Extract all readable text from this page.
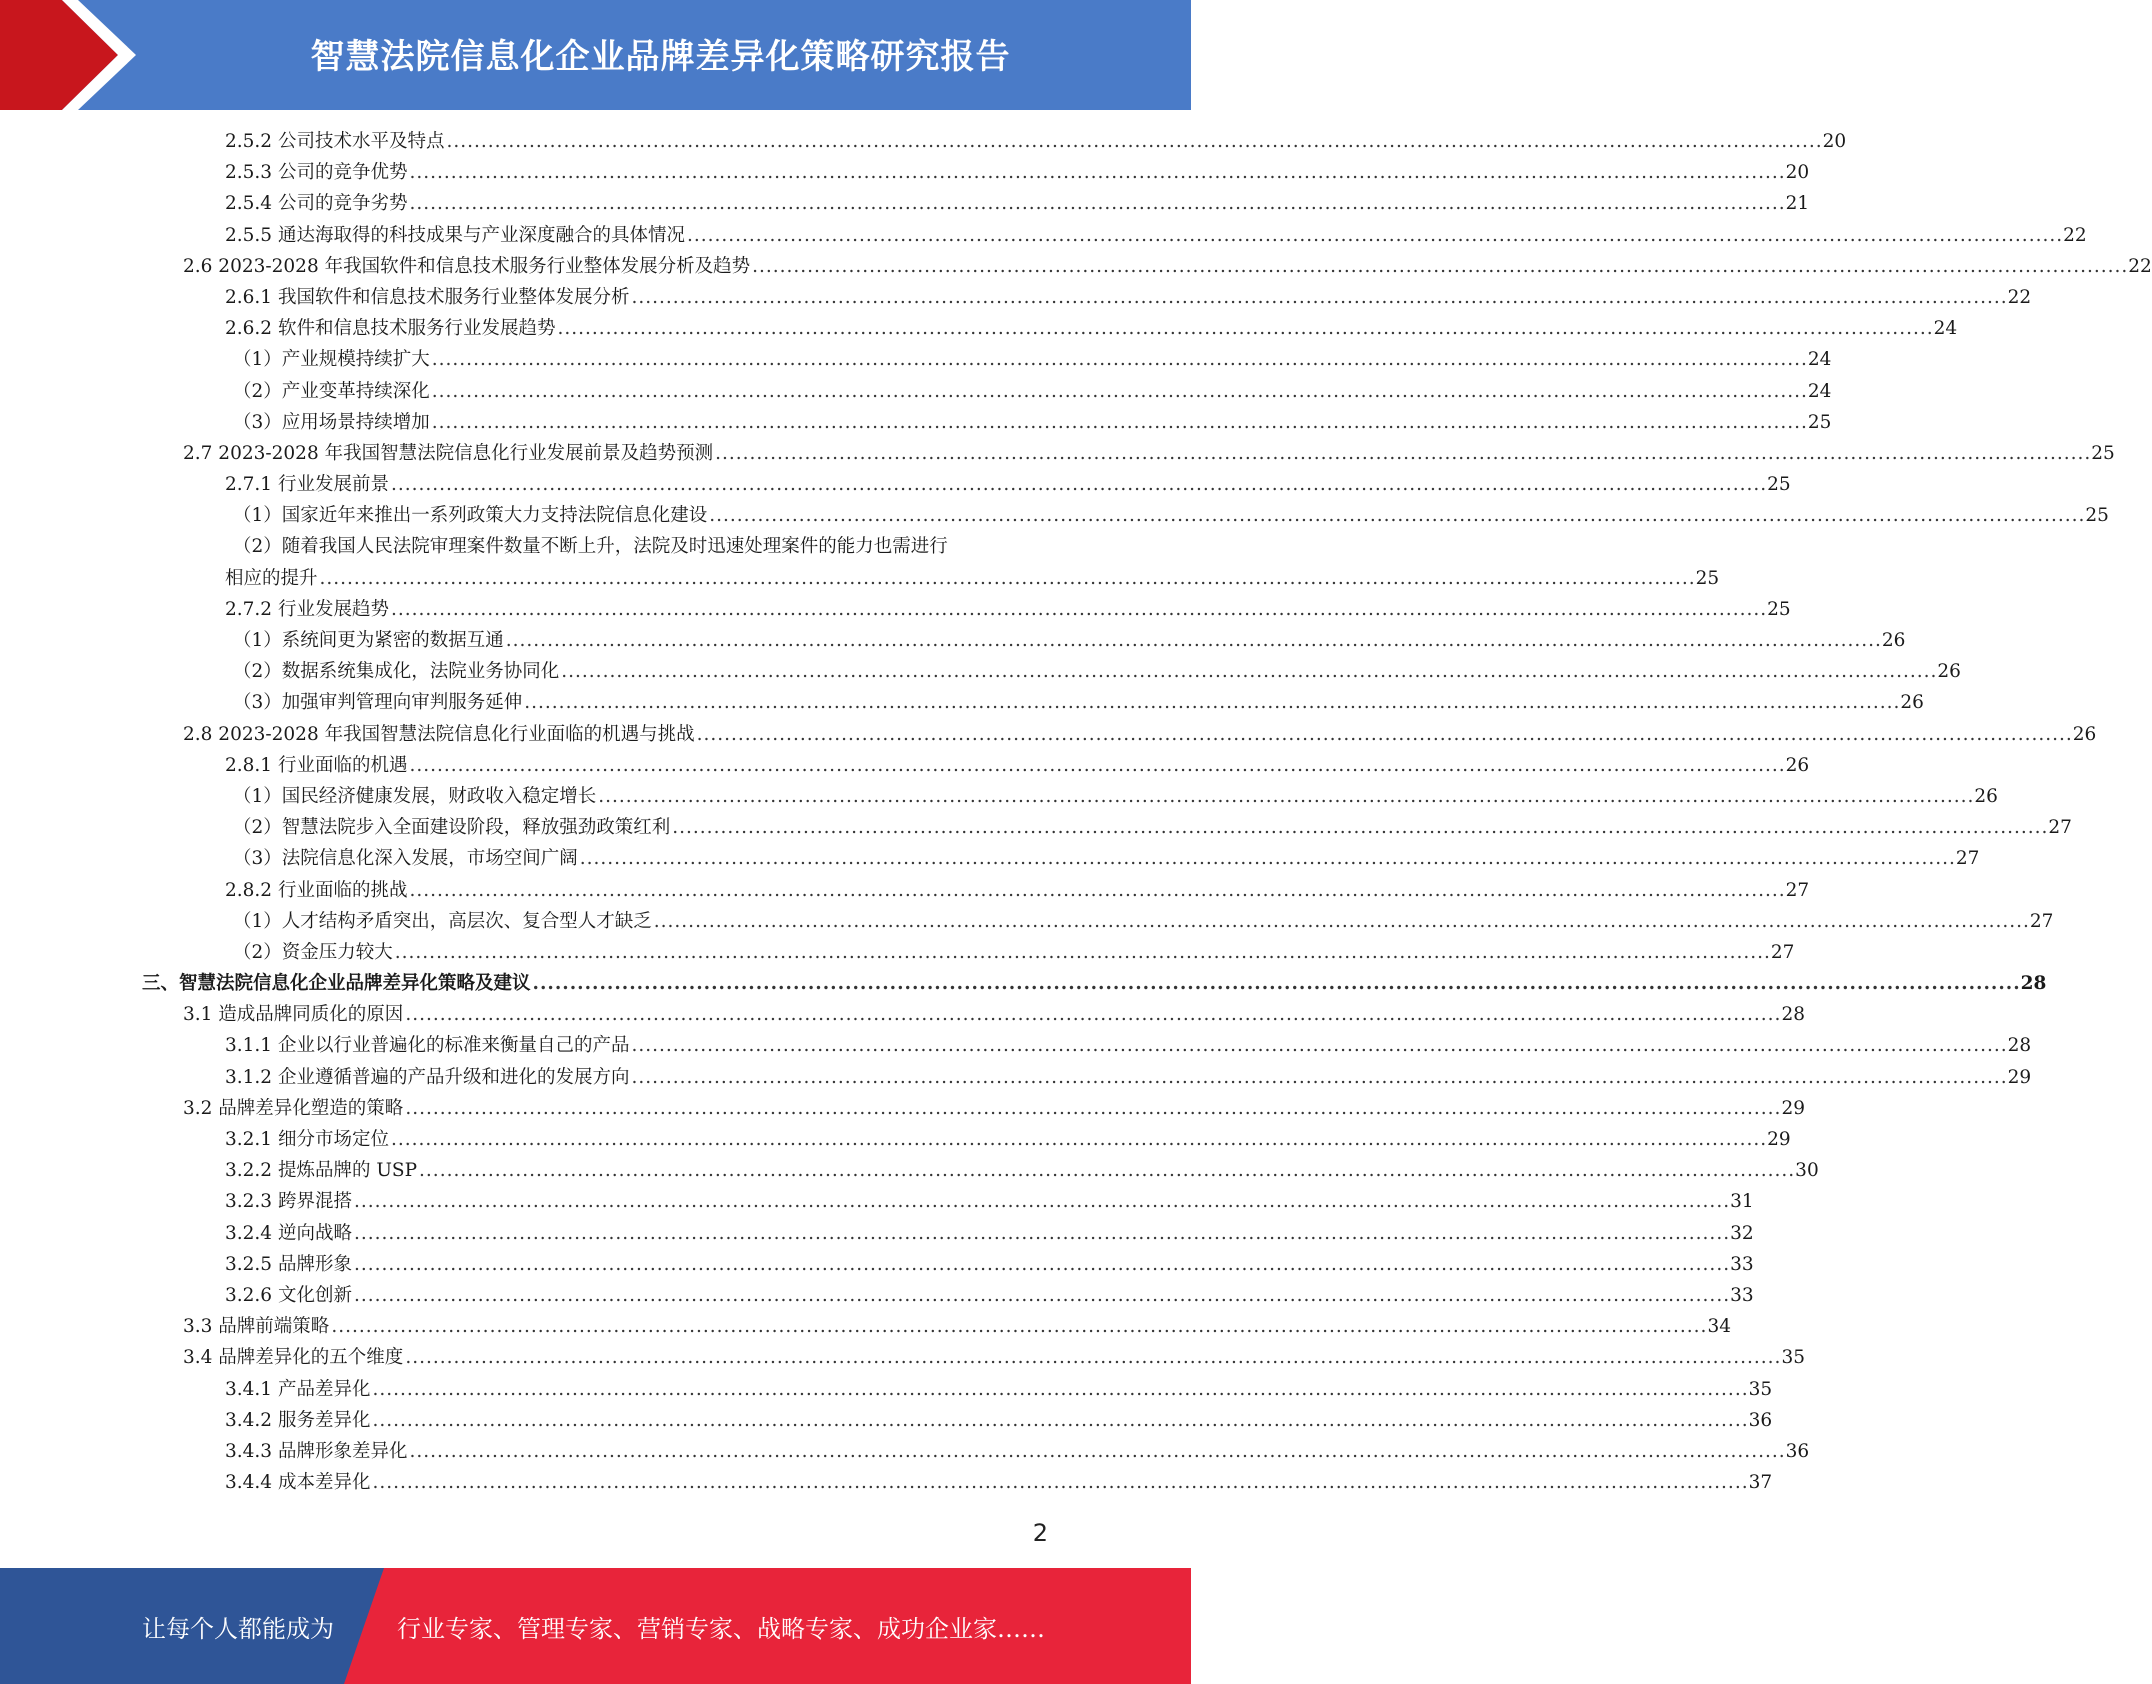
智慧法院信息化企业品牌差异化策略研究报告
2.5.2 公司技术水平及特点 ........................................................................................................................................................................................................ 20
2.5.3 公司的竞争优势 ........................................................................................................................................................................................................ 20
2.5.4 公司的竞争劣势 ........................................................................................................................................................................................................ 21
2.5.5 通达海取得的科技成果与产业深度融合的具体情况 ........................................................................................................................................................................................................ 22
2.6 2023-2028 年我国软件和信息技术服务行业整体发展分析及趋势 ........................................................................................................................................................................................................ 22
2.6.1 我国软件和信息技术服务行业整体发展分析 ........................................................................................................................................................................................................ 22
2.6.2 软件和信息技术服务行业发展趋势 ........................................................................................................................................................................................................ 24
（1）产业规模持续扩大 ........................................................................................................................................................................................................ 24
（2）产业变革持续深化 ........................................................................................................................................................................................................ 24
（3）应用场景持续增加 ........................................................................................................................................................................................................ 25
2.7 2023-2028 年我国智慧法院信息化行业发展前景及趋势预测 ........................................................................................................................................................................................................ 25
2.7.1 行业发展前景 ........................................................................................................................................................................................................ 25
（1）国家近年来推出一系列政策大力支持法院信息化建设 ........................................................................................................................................................................................................ 25
（2）随着我国人民法院审理案件数量不断上升，法院及时迅速处理案件的能力也需进行
相应的提升 ........................................................................................................................................................................................................ 25
2.7.2 行业发展趋势 ........................................................................................................................................................................................................ 25
（1）系统间更为紧密的数据互通 ........................................................................................................................................................................................................ 26
（2）数据系统集成化，法院业务协同化 ........................................................................................................................................................................................................ 26
（3）加强审判管理向审判服务延伸 ........................................................................................................................................................................................................ 26
2.8 2023-2028 年我国智慧法院信息化行业面临的机遇与挑战 ........................................................................................................................................................................................................ 26
2.8.1 行业面临的机遇 ........................................................................................................................................................................................................ 26
（1）国民经济健康发展，财政收入稳定增长 ........................................................................................................................................................................................................ 26
（2）智慧法院步入全面建设阶段，释放强劲政策红利 ........................................................................................................................................................................................................ 27
（3）法院信息化深入发展，市场空间广阔 ........................................................................................................................................................................................................ 27
2.8.2 行业面临的挑战 ........................................................................................................................................................................................................ 27
（1）人才结构矛盾突出，高层次、复合型人才缺乏 ........................................................................................................................................................................................................ 27
（2）资金压力较大 ........................................................................................................................................................................................................ 27
三、智慧法院信息化企业品牌差异化策略及建议 ........................................................................................................................................................................................................ 28
3.1 造成品牌同质化的原因 ........................................................................................................................................................................................................ 28
3.1.1 企业以行业普遍化的标准来衡量自己的产品 ........................................................................................................................................................................................................ 28
3.1.2 企业遵循普遍的产品升级和进化的发展方向 ........................................................................................................................................................................................................ 29
3.2 品牌差异化塑造的策略 ........................................................................................................................................................................................................ 29
3.2.1 细分市场定位 ........................................................................................................................................................................................................ 29
3.2.2 提炼品牌的 USP ........................................................................................................................................................................................................ 30
3.2.3 跨界混搭 ........................................................................................................................................................................................................ 31
3.2.4 逆向战略 ........................................................................................................................................................................................................ 32
3.2.5 品牌形象 ........................................................................................................................................................................................................ 33
3.2.6 文化创新 ........................................................................................................................................................................................................ 33
3.3 品牌前端策略 ........................................................................................................................................................................................................ 34
3.4 品牌差异化的五个维度 ........................................................................................................................................................................................................ 35
3.4.1 产品差异化 ........................................................................................................................................................................................................ 35
3.4.2 服务差异化 ........................................................................................................................................................................................................ 36
3.4.3 品牌形象差异化 ........................................................................................................................................................................................................ 36
3.4.4 成本差异化 ........................................................................................................................................................................................................ 37
2
让每个人都能成为	行业专家、管理专家、营销专家、战略专家、成功企业家……
